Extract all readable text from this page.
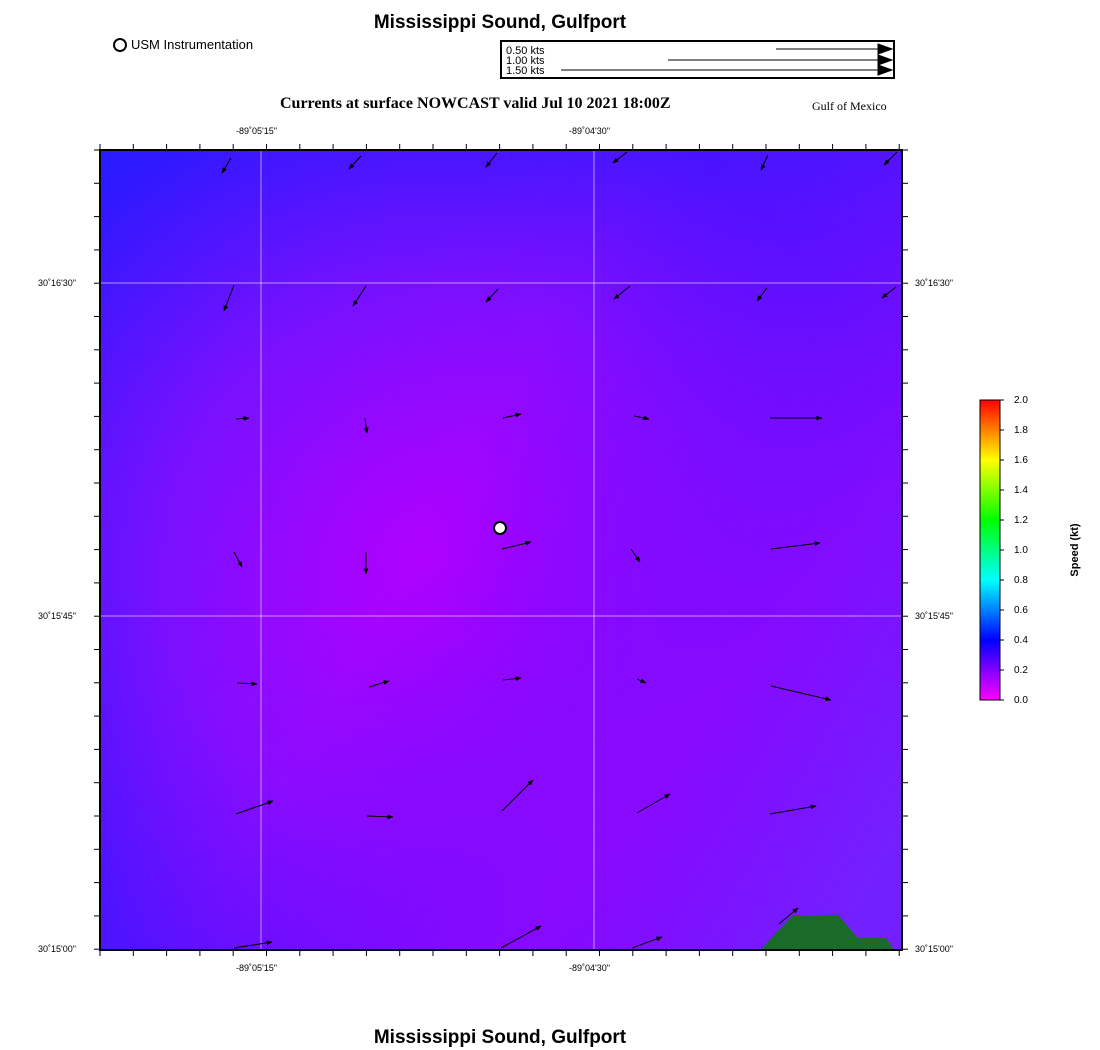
Mississippi Sound, Gulfport
USM Instrumentation	0.50 kts
1.00 kts
1.50 kts
Currents at surface NOWCAST valid Jul 10 2021 18:00Z	Gulf of Mexico
-89˚05'15"	-89˚04'30"
-89˚05'15"	-89˚04'30"
30˚16'30"
30˚15'45"
30˚15'00"
30˚16'30"
30˚15'45"
30˚15'00"
0.0
0.2
0.4
0.6
0.8
1.0
1.2
1.4
1.6
1.8
2.0
Speed (kt)
Mississippi Sound, Gulfport
